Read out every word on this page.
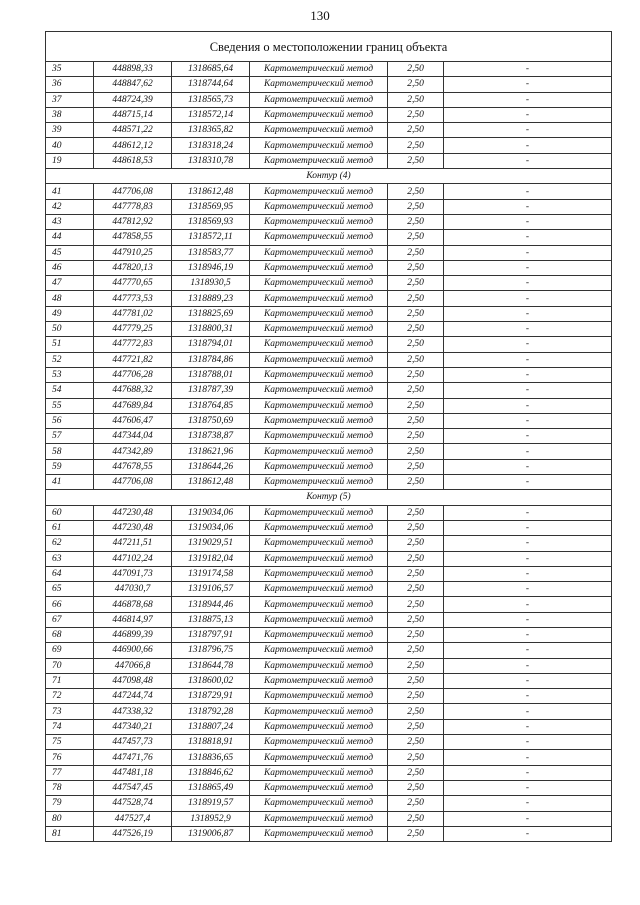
130
Сведения о местоположении границ объекта					
35	448898,33	1318685,64	Картометрический метод	2,50	-
36	448847,62	1318744,64	Картометрический метод	2,50	-
37	448724,39	1318565,73	Картометрический метод	2,50	-
38	448715,14	1318572,14	Картометрический метод	2,50	-
39	448571,22	1318365,82	Картометрический метод	2,50	-
40	448612,12	1318318,24	Картометрический метод	2,50	-
19	448618,53	1318310,78	Картометрический метод	2,50	-
Контур (4)					
41	447706,08	1318612,48	Картометрический метод	2,50	-
42	447778,83	1318569,95	Картометрический метод	2,50	-
43	447812,92	1318569,93	Картометрический метод	2,50	-
44	447858,55	1318572,11	Картометрический метод	2,50	-
45	447910,25	1318583,77	Картометрический метод	2,50	-
46	447820,13	1318946,19	Картометрический метод	2,50	-
47	447770,65	1318930,5	Картометрический метод	2,50	-
48	447773,53	1318889,23	Картометрический метод	2,50	-
49	447781,02	1318825,69	Картометрический метод	2,50	-
50	447779,25	1318800,31	Картометрический метод	2,50	-
51	447772,83	1318794,01	Картометрический метод	2,50	-
52	447721,82	1318784,86	Картометрический метод	2,50	-
53	447706,28	1318788,01	Картометрический метод	2,50	-
54	447688,32	1318787,39	Картометрический метод	2,50	-
55	447689,84	1318764,85	Картометрический метод	2,50	-
56	447606,47	1318750,69	Картометрический метод	2,50	-
57	447344,04	1318738,87	Картометрический метод	2,50	-
58	447342,89	1318621,96	Картометрический метод	2,50	-
59	447678,55	1318644,26	Картометрический метод	2,50	-
41	447706,08	1318612,48	Картометрический метод	2,50	-
Контур (5)					
60	447230,48	1319034,06	Картометрический метод	2,50	-
61	447230,48	1319034,06	Картометрический метод	2,50	-
62	447211,51	1319029,51	Картометрический метод	2,50	-
63	447102,24	1319182,04	Картометрический метод	2,50	-
64	447091,73	1319174,58	Картометрический метод	2,50	-
65	447030,7	1319106,57	Картометрический метод	2,50	-
66	446878,68	1318944,46	Картометрический метод	2,50	-
67	446814,97	1318875,13	Картометрический метод	2,50	-
68	446899,39	1318797,91	Картометрический метод	2,50	-
69	446900,66	1318796,75	Картометрический метод	2,50	-
70	447066,8	1318644,78	Картометрический метод	2,50	-
71	447098,48	1318600,02	Картометрический метод	2,50	-
72	447244,74	1318729,91	Картометрический метод	2,50	-
73	447338,32	1318792,28	Картометрический метод	2,50	-
74	447340,21	1318807,24	Картометрический метод	2,50	-
75	447457,73	1318818,91	Картометрический метод	2,50	-
76	447471,76	1318836,65	Картометрический метод	2,50	-
77	447481,18	1318846,62	Картометрический метод	2,50	-
78	447547,45	1318865,49	Картометрический метод	2,50	-
79	447528,74	1318919,57	Картометрический метод	2,50	-
80	447527,4	1318952,9	Картометрический метод	2,50	-
81	447526,19	1319006,87	Картометрический метод	2,50	-
